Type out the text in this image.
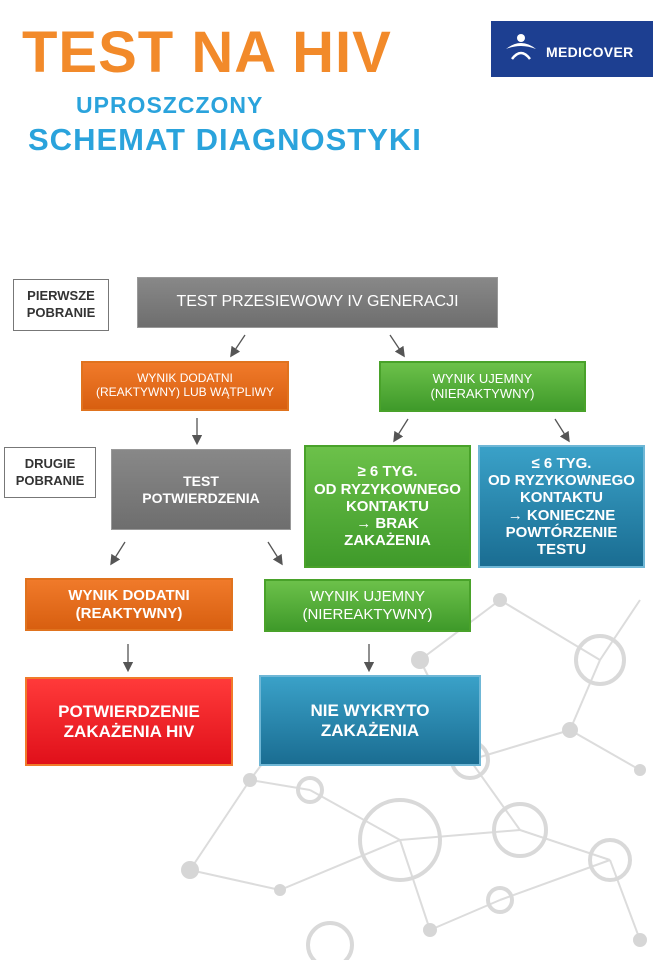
TEST NA HIV
UPROSZCZONY
SCHEMAT DIAGNOSTYKI
MEDICOVER
PIERWSZE
POBRANIE
DRUGIE
POBRANIE
TEST PRZESIEWOWY IV GENERACJI
WYNIK DODATNI
(REAKTYWNY) LUB WĄTPLIWY
WYNIK UJEMNY
(NIERAKTYWNY)
TEST
POTWIERDZENIA
≥ 6 TYG.
OD RYZYKOWNEGO
KONTAKTU
→ BRAK
ZAKAŻENIA
≤ 6 TYG.
OD RYZYKOWNEGO
KONTAKTU
→ KONIECZNE
POWTÓRZENIE
TESTU
WYNIK DODATNI
(REAKTYWNY)
WYNIK UJEMNY
(NIEREAKTYWNY)
POTWIERDZENIE
ZAKAŻENIA HIV
NIE WYKRYTO
ZAKAŻENIA
